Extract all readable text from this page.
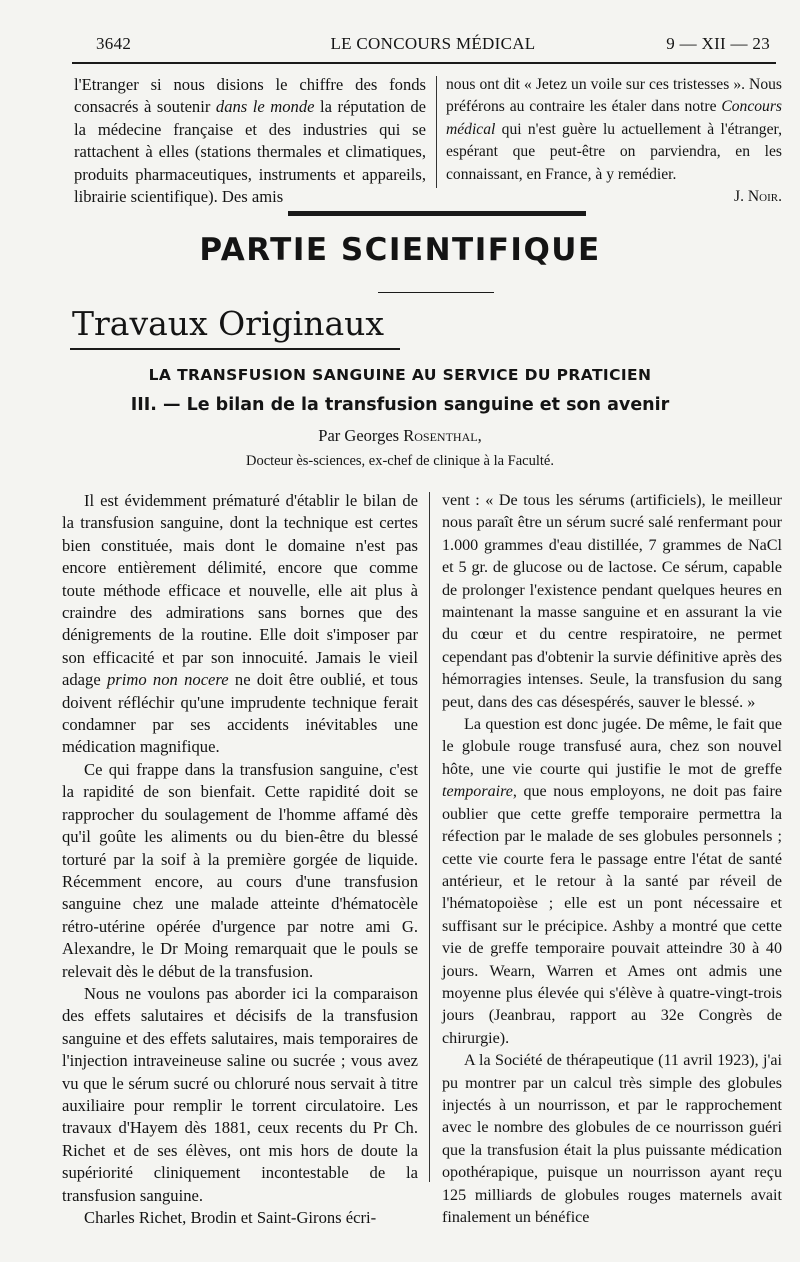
3642	LE CONCOURS MÉDICAL	9 — XII — 23

l'Etranger si nous disions le chiffre des fonds consacrés à soutenir dans le monde la réputation de la médecine française et des industries qui se rattachent à elles (stations thermales et climatiques, produits pharmaceutiques, instruments et appareils, librairie scientifique). Des amis

nous ont dit « Jetez un voile sur ces tristesses ». Nous préférons au contraire les étaler dans notre Concours médical qui n'est guère lu actuellement à l'étranger, espérant que peut-être on parviendra, en les connaissant, en France, à y remédier.

J. Noir.

PARTIE SCIENTIFIQUE
Travaux Originaux
LA TRANSFUSION SANGUINE AU SERVICE DU PRATICIEN
III. — Le bilan de la transfusion sanguine et son avenir
Par Georges Rosenthal,
Docteur ès-sciences, ex-chef de clinique à la Faculté.

Il est évidemment prématuré d'établir le bilan de la transfusion sanguine, dont la technique est certes bien constituée, mais dont le domaine n'est pas encore entièrement délimité, encore que comme toute méthode efficace et nouvelle, elle ait plus à craindre des admirations sans bornes que des dénigrements de la routine. Elle doit s'imposer par son efficacité et par son innocuité. Jamais le vieil adage primo non nocere ne doit être oublié, et tous doivent réfléchir qu'une imprudente technique ferait condamner par ses accidents inévitables une médication magnifique.

Ce qui frappe dans la transfusion sanguine, c'est la rapidité de son bienfait. Cette rapidité doit se rapprocher du soulagement de l'homme affamé dès qu'il goûte les aliments ou du bien-être du blessé torturé par la soif à la première gorgée de liquide. Récemment encore, au cours d'une transfusion sanguine chez une malade atteinte d'hématocèle rétro-utérine opérée d'urgence par notre ami G. Alexandre, le Dr Moing remarquait que le pouls se relevait dès le début de la transfusion.

Nous ne voulons pas aborder ici la comparaison des effets salutaires et décisifs de la transfusion sanguine et des effets salutaires, mais temporaires de l'injection intraveineuse saline ou sucrée ; vous avez vu que le sérum sucré ou chloruré nous servait à titre auxiliaire pour remplir le torrent circulatoire. Les travaux d'Hayem dès 1881, ceux recents du Pr Ch. Richet et de ses élèves, ont mis hors de doute la supériorité cliniquement incontestable de la transfusion sanguine.

Charles Richet, Brodin et Saint-Girons écri-

vent : « De tous les sérums (artificiels), le meilleur nous paraît être un sérum sucré salé renfermant pour 1.000 grammes d'eau distillée, 7 grammes de NaCl et 5 gr. de glucose ou de lactose. Ce sérum, capable de prolonger l'existence pendant quelques heures en maintenant la masse sanguine et en assurant la vie du cœur et du centre respiratoire, ne permet cependant pas d'obtenir la survie définitive après des hémorragies intenses. Seule, la transfusion du sang peut, dans des cas désespérés, sauver le blessé. »

La question est donc jugée. De même, le fait que le globule rouge transfusé aura, chez son nouvel hôte, une vie courte qui justifie le mot de greffe temporaire, que nous employons, ne doit pas faire oublier que cette greffe temporaire permettra la réfection par le malade de ses globules personnels ; cette vie courte fera le passage entre l'état de santé antérieur, et le retour à la santé par réveil de l'hématopoièse ; elle est un pont nécessaire et suffisant sur le précipice. Ashby a montré que cette vie de greffe temporaire pouvait atteindre 30 à 40 jours. Wearn, Warren et Ames ont admis une moyenne plus élevée qui s'élève à quatre-vingt-trois jours (Jeanbrau, rapport au 32e Congrès de chirurgie).

A la Société de thérapeutique (11 avril 1923), j'ai pu montrer par un calcul très simple des globules injectés à un nourrisson, et par le rapprochement avec le nombre des globules de ce nourrisson guéri que la transfusion était la plus puissante médication opothérapique, puisque un nourrisson ayant reçu 125 milliards de globules rouges maternels avait finalement un bénéfice
